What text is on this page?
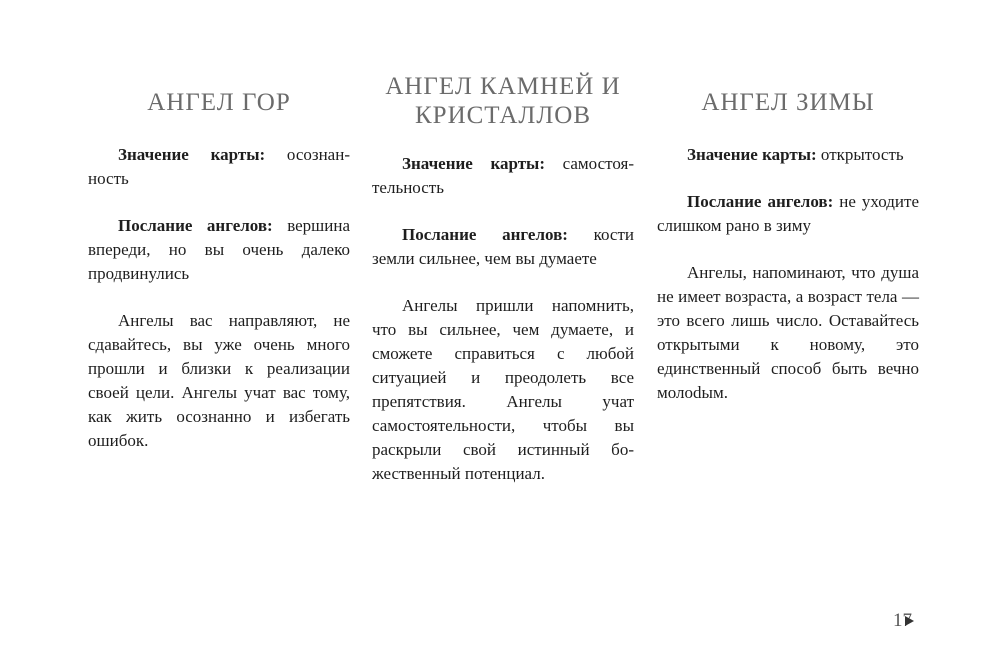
АНГЕЛ ГОР

Значение карты: осознанность

Послание ангелов: вершина впереди, но вы очень далеко продвинулись

Ангелы вас направляют, не сдавайтесь, вы уже очень много прошли и близки к реализации своей цели. Ангелы учат вас тому, как жить осознанно и избегать ошибок.

АНГЕЛ КАМНЕЙ И КРИСТАЛЛОВ

Значение карты: самостоятельность

Послание ангелов: кости земли сильнее, чем вы думаете

Ангелы пришли напомнить, что вы сильнее, чем думаете, и сможете справиться с любой ситуацией и преодолеть все препятствия. Ангелы учат самостоятельности, чтобы вы раскрыли свой истинный божественный потенциал.

АНГЕЛ ЗИМЫ

Значение карты: открытость

Послание ангелов: не уходите слишком рано в зиму

Ангелы, напоминают, что душа не имеет возраста, а возраст тела — это всего лишь число. Оставайтесь открытыми к новому, это единственный способ быть вечно молоdым.

17
